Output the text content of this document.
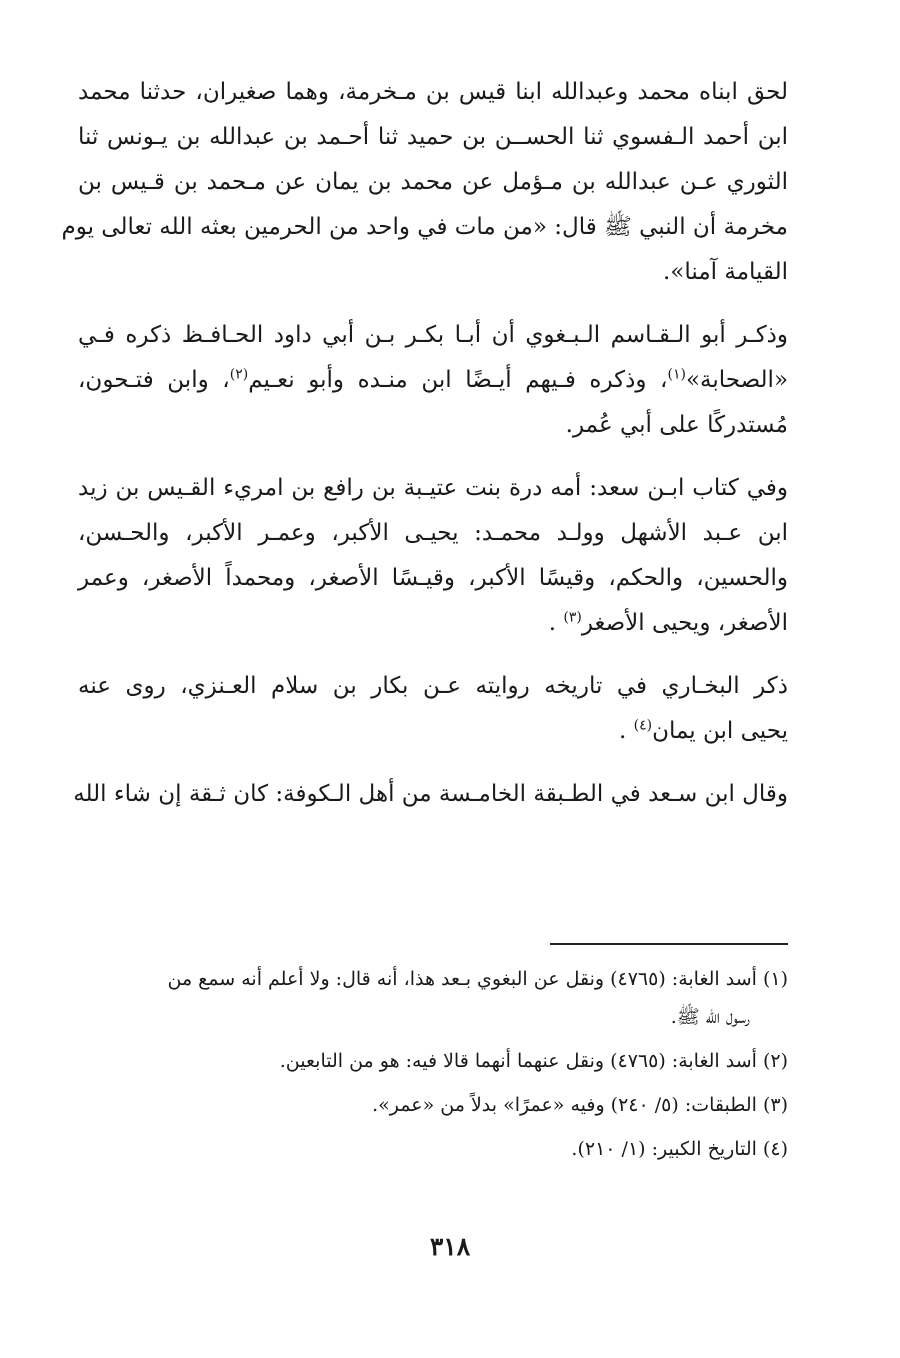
لحق ابناه محمد وعبدالله ابنا قيس بن مـخرمة، وهما صغيران، حدثنا محمد
ابن أحمد الـفسوي ثنا الحســن بن حميد ثنا أحـمد بن عبدالله بن يـونس ثنا
الثوري عـن عبدالله بن مـؤمل عن محمد بن يمان عن مـحمد بن قـيس بن
مخرمة أن النبي ﷺ قال: «من مات في واحد من الحرمين بعثه الله تعالى يوم
القيامة آمنا».
وذكـر أبو الـقـاسم الـبـغوي أن أبـا بكـر بـن أبي داود الحـافـظ ذكره فـي
«الصحابة»$^{(١)}$، وذكره فـيهم أيـضًا ابن منـده وأبو نعـيم$^{(٢)}$، وابن فتـحون،
مُستدركًا على أبي عُمر.
وفي كتاب ابـن سعد: أمه درة بنت عتيـبة بن رافع بن امريء القـيس بن زيد
ابن عـبد الأشهل وولـد محمـد: يحيـى الأكبر، وعمـر الأكبر، والحـسن،
والحسين، والحكم، وقيسًا الأكبر، وقيـسًا الأصغر، ومحمداً الأصغر، وعمر
الأصغر، ويحيى الأصغر$^{(٣)}$ .
ذكر البخـاري في تاريخه روايته عـن بكار بن سلام العـنزي، روى عنه
يحيى ابن يمان$^{(٤)}$ .
وقال ابن سـعد في الطـبقة الخامـسة من أهل الـكوفة: كان ثـقة إن شاء الله
(١) أسد الغابة: (٤٧٦٥) ونقل عن البغوي بـعد هذا، أنه قال: ولا أعلم أنه سمع من
رسول الله ﷺ.
(٢) أسد الغابة: (٤٧٦٥) ونقل عنهما أنهما قالا فيه: هو من التابعين.
(٣) الطبقات: (٥/ ٢٤٠) وفيه «عمرًا» بدلاً من «عمر».
(٤) التاريخ الكبير: (١/ ٢١٠).
٣١٨
